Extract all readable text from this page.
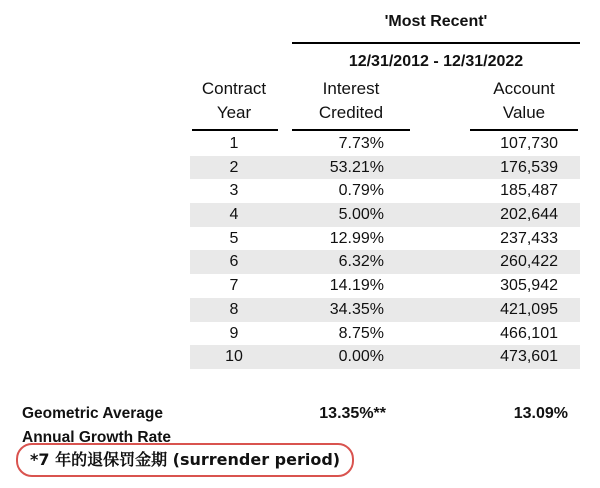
'Most Recent'
12/31/2012 - 12/31/2022
Contract
Year
Interest
Credited
Account
Value
1	7.73%	107,730
2	53.21%	176,539
3	0.79%	185,487
4	5.00%	202,644
5	12.99%	237,433
6	6.32%	260,422
7	14.19%	305,942
8	34.35%	421,095
9	8.75%	466,101
10	0.00%	473,601
Geometric Average
Annual Growth Rate
13.35%**	13.09%
*7 年的退保罚金期 (surrender period)
